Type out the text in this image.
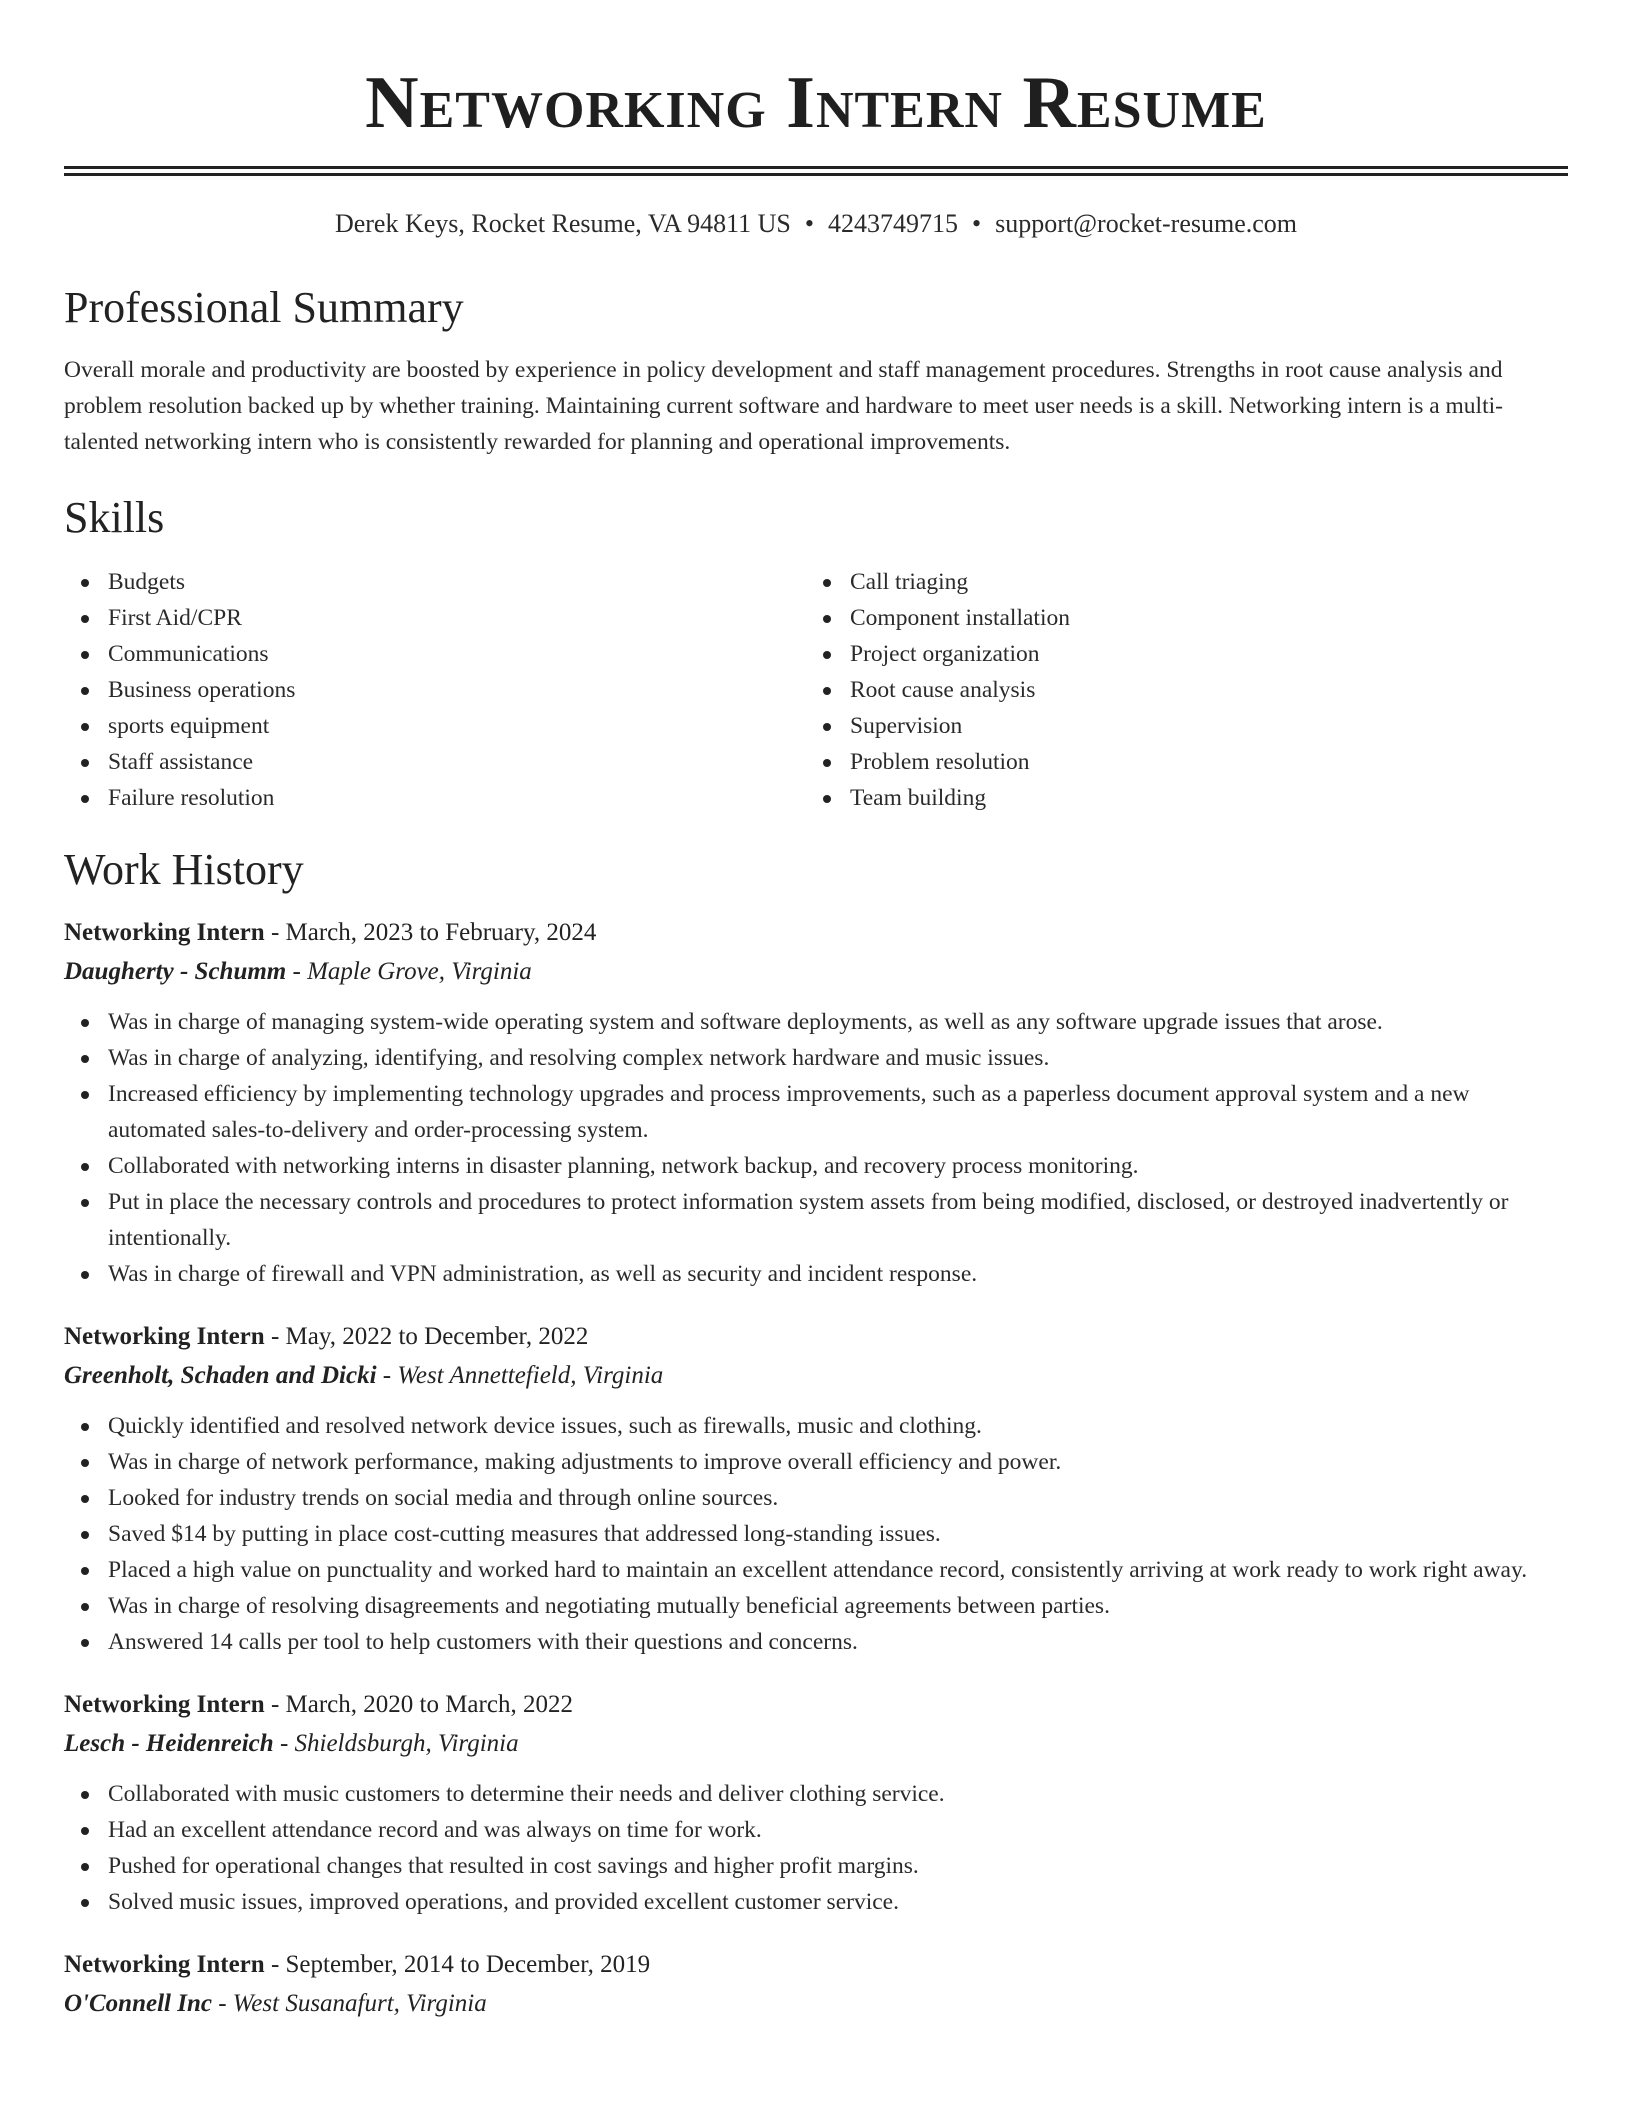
Networking Intern Resume
Derek Keys, Rocket Resume, VA 94811 US • 4243749715 • support@rocket-resume.com
Professional Summary

Overall morale and productivity are boosted by experience in policy development and staff management procedures. Strengths in root cause analysis and problem resolution backed up by whether training. Maintaining current software and hardware to meet user needs is a skill. Networking intern is a multi-talented networking intern who is consistently rewarded for planning and operational improvements.

Skills
Budgets
First Aid/CPR
Communications
Business operations
sports equipment
Staff assistance
Failure resolution
Call triaging
Component installation
Project organization
Root cause analysis
Supervision
Problem resolution
Team building
Work History
Networking Intern - March, 2023 to February, 2024
Daugherty - Schumm - Maple Grove, Virginia
Was in charge of managing system-wide operating system and software deployments, as well as any software upgrade issues that arose.
Was in charge of analyzing, identifying, and resolving complex network hardware and music issues.
Increased efficiency by implementing technology upgrades and process improvements, such as a paperless document approval system and a new automated sales-to-delivery and order-processing system.
Collaborated with networking interns in disaster planning, network backup, and recovery process monitoring.
Put in place the necessary controls and procedures to protect information system assets from being modified, disclosed, or destroyed inadvertently or intentionally.
Was in charge of firewall and VPN administration, as well as security and incident response.
Networking Intern - May, 2022 to December, 2022
Greenholt, Schaden and Dicki - West Annettefield, Virginia
Quickly identified and resolved network device issues, such as firewalls, music and clothing.
Was in charge of network performance, making adjustments to improve overall efficiency and power.
Looked for industry trends on social media and through online sources.
Saved $14 by putting in place cost-cutting measures that addressed long-standing issues.
Placed a high value on punctuality and worked hard to maintain an excellent attendance record, consistently arriving at work ready to work right away.
Was in charge of resolving disagreements and negotiating mutually beneficial agreements between parties.
Answered 14 calls per tool to help customers with their questions and concerns.
Networking Intern - March, 2020 to March, 2022
Lesch - Heidenreich - Shieldsburgh, Virginia
Collaborated with music customers to determine their needs and deliver clothing service.
Had an excellent attendance record and was always on time for work.
Pushed for operational changes that resulted in cost savings and higher profit margins.
Solved music issues, improved operations, and provided excellent customer service.
Networking Intern - September, 2014 to December, 2019
O'Connell Inc - West Susanafurt, Virginia
